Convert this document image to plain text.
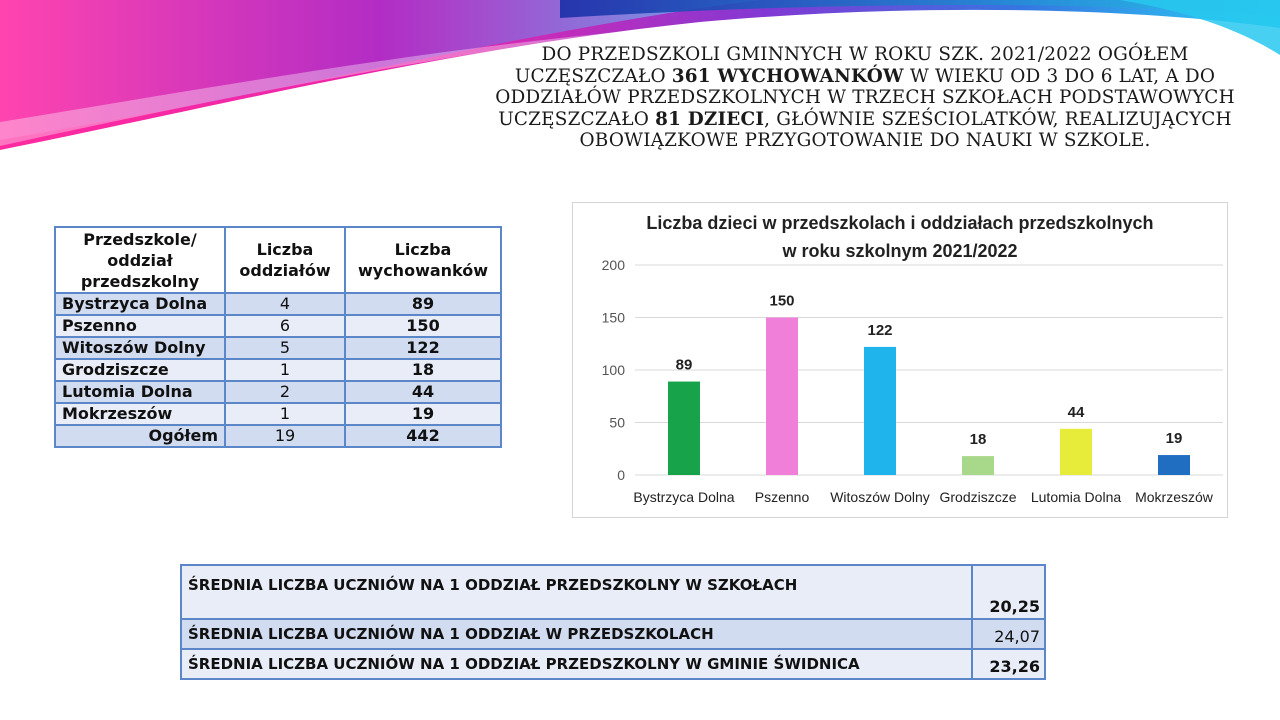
DO PRZEDSZKOLI GMINNYCH W ROKU SZK. 2021/2022 OGÓŁEM UCZĘSZCZAŁO 361 WYCHOWANKÓW W WIEKU OD 3 DO 6 LAT, A DO ODDZIAŁÓW PRZEDSZKOLNYCH W TRZECH SZKOŁACH PODSTAWOWYCH UCZĘSZCZAŁO 81 DZIECI, GŁÓWNIE SZEŚCIOLATKÓW, REALIZUJĄCYCH OBOWIĄZKOWE PRZYGOTOWANIE DO NAUKI W SZKOLE.
Przedszkole/ oddział przedszkolny	Liczba oddziałów	Liczba wychowanków
Bystrzyca Dolna	4	89
Pszenno	6	150
Witoszów Dolny	5	122
Grodziszcze	1	18
Lutomia Dolna	2	44
Mokrzeszów	1	19
Ogółem	19	442
Liczba dzieci w przedszkolach i oddziałach przedszkolnych
w roku szkolnym 2021/2022
0
50
100
150
200
89
Bystrzyca Dolna
150
Pszenno
122
Witoszów Dolny
18
Grodziszcze
44
Lutomia Dolna
19
Mokrzeszów
ŚREDNIA LICZBA UCZNIÓW NA 1 ODDZIAŁ PRZEDSZKOLNY W SZKOŁACH	20,25
ŚREDNIA LICZBA UCZNIÓW NA 1 ODDZIAŁ W PRZEDSZKOLACH	24,07
ŚREDNIA LICZBA UCZNIÓW NA 1 ODDZIAŁ PRZEDSZKOLNY W GMINIE ŚWIDNICA	23,26
